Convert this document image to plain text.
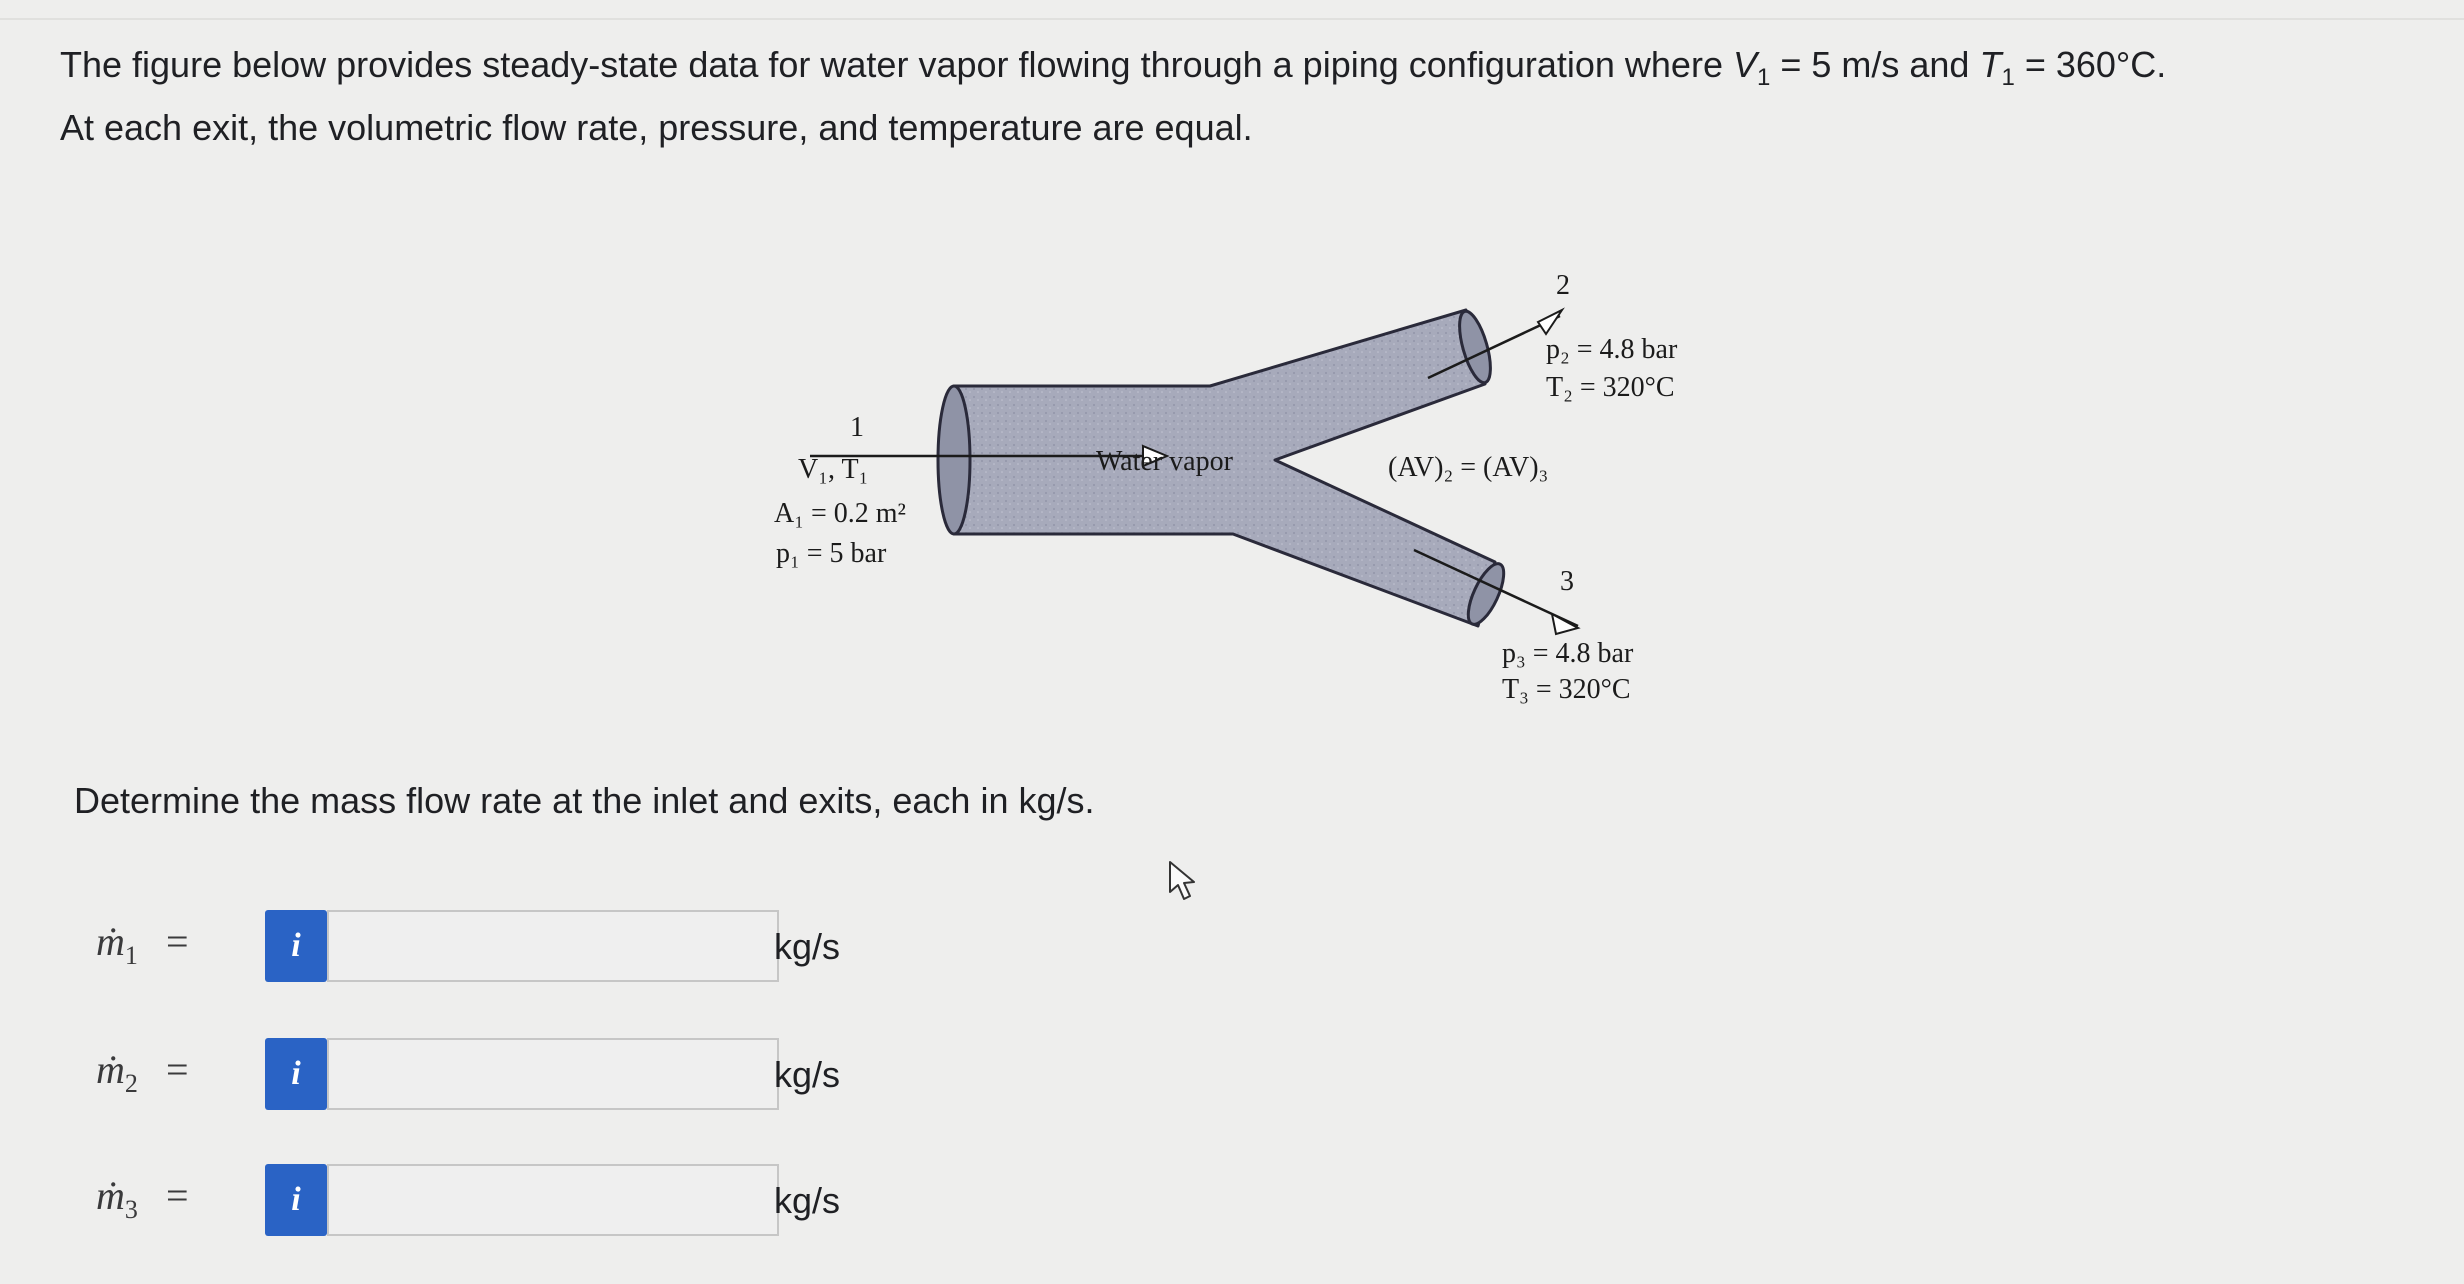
The figure below provides steady-state data for water vapor flowing through a piping configuration where $V_1 = 5$ m/s and $T_1 = 360^\circ C$.
At each exit, the volumetric flow rate, pressure, and temperature are equal.
1
V₁, T₁
A₁ = 0.2 m²
p₁ = 5 bar
Water vapor	(AV)₂ = (AV)₃
2
p₂ = 4.8 bar
T₂ = 320°C
3
p₃ = 4.8 bar
T₃ = 320°C
Determine the mass flow rate at the inlet and exits, each in kg/s.
ṁ$_1$ =	i	kg/s
ṁ$_2$ =	i	kg/s
ṁ$_3$ =	i	kg/s
